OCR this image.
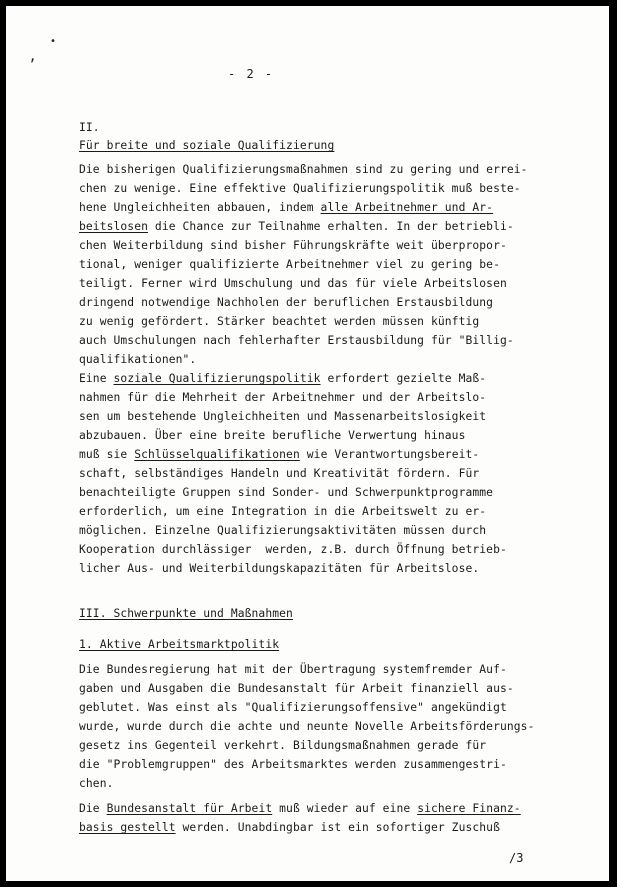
•
ʼ
- 2 -
II.
Für breite und soziale Qualifizierung
Die bisherigen Qualifizierungsmaßnahmen sind zu gering und errei-
chen zu wenige. Eine effektive Qualifizierungspolitik muß beste-
hene Ungleichheiten abbauen, indem alle Arbeitnehmer und Ar-
beitslosen die Chance zur Teilnahme erhalten. In der betriebli-
chen Weiterbildung sind bisher Führungskräfte weit überpropor-
tional, weniger qualifizierte Arbeitnehmer viel zu gering be-
teiligt. Ferner wird Umschulung und das für viele Arbeitslosen
dringend notwendige Nachholen der beruflichen Erstausbildung
zu wenig gefördert. Stärker beachtet werden müssen künftig
auch Umschulungen nach fehlerhafter Erstausbildung für "Billig-
qualifikationen".
Eine soziale Qualifizierungspolitik erfordert gezielte Maß-
nahmen für die Mehrheit der Arbeitnehmer und der Arbeitslo-
sen um bestehende Ungleichheiten und Massenarbeitslosigkeit
abzubauen. Über eine breite berufliche Verwertung hinaus
muß sie Schlüsselqualifikationen wie Verantwortungsbereit-
schaft, selbständiges Handeln und Kreativität fördern. Für
benachteiligte Gruppen sind Sonder- und Schwerpunktprogramme
erforderlich, um eine Integration in die Arbeitswelt zu er-
möglichen. Einzelne Qualifizierungsaktivitäten müssen durch
Kooperation durchlässiger  werden, z.B. durch Öffnung betrieb-
licher Aus- und Weiterbildungskapazitäten für Arbeitslose.
III. Schwerpunkte und Maßnahmen
1. Aktive Arbeitsmarktpolitik
Die Bundesregierung hat mit der Übertragung systemfremder Auf-
gaben und Ausgaben die Bundesanstalt für Arbeit finanziell aus-
geblutet. Was einst als "Qualifizierungsoffensive" angekündigt
wurde, wurde durch die achte und neunte Novelle Arbeitsförderungs-
gesetz ins Gegenteil verkehrt. Bildungsmaßnahmen gerade für
die "Problemgruppen" des Arbeitsmarktes werden zusammengestri-
chen.
Die Bundesanstalt für Arbeit muß wieder auf eine sichere Finanz-
basis gestellt werden. Unabdingbar ist ein sofortiger Zuschuß
/3
